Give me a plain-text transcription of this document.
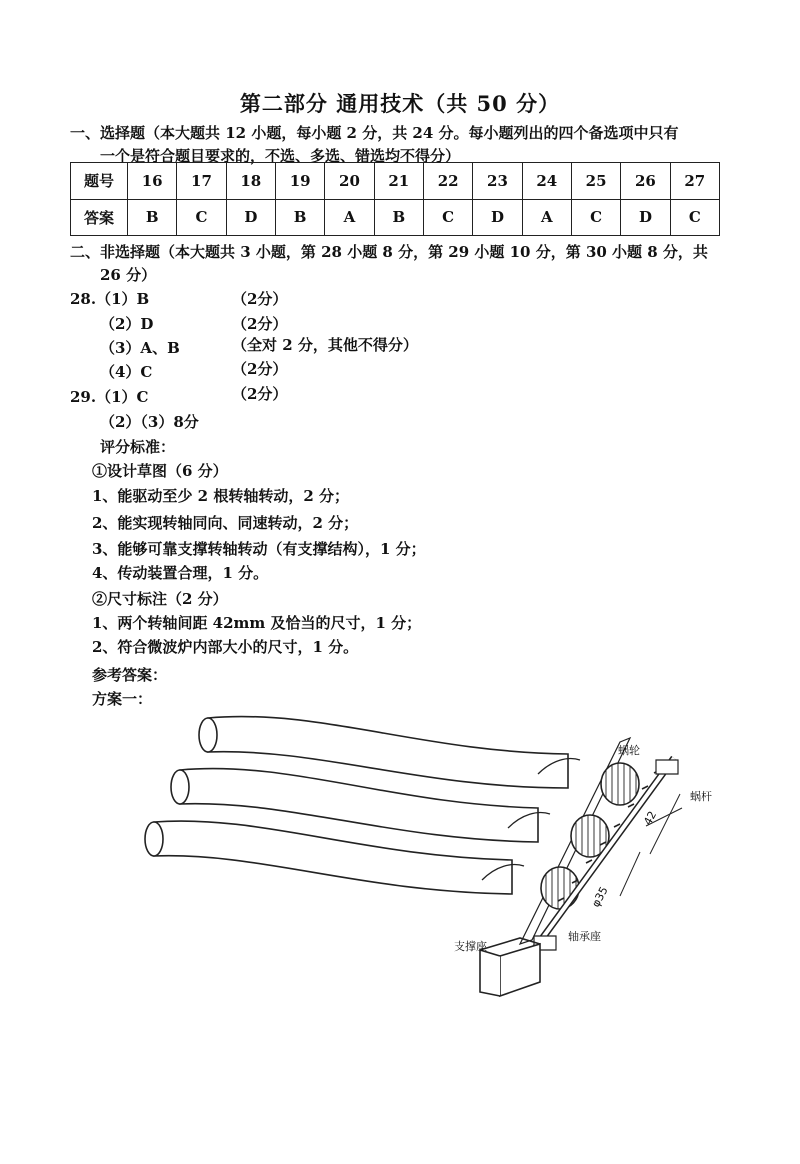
第二部分 通用技术（共 50 分）
一、选择题（本大题共 12 小题，每小题 2 分，共 24 分。每小题列出的四个备选项中只有
一个是符合题目要求的，不选、多选、错选均不得分）
题号	16	17	18	19	20	21	22	23	24	25	26	27
答案	B	C	D	B	A	B	C	D	A	C	D	C
二、非选择题（本大题共 3 小题，第 28 小题 8 分，第 29 小题 10 分，第 30 小题 8 分，共
26 分）
28.（1）B	（2分）
（2）D	（2分）
（3）A、B	（全对 2 分，其他不得分）
（4）C	（2分）
29.（1）C	（2分）
（2）（3）8分
评分标准：
①设计草图（6 分）
1、能驱动至少 2 根转轴转动，2 分；
2、能实现转轴同向、同速转动，2 分；
3、能够可靠支撑转轴转动（有支撑结构），1 分；
4、传动装置合理，1 分。
②尺寸标注（2 分）
1、两个转轴间距 42mm 及恰当的尺寸，1 分；
2、符合微波炉内部大小的尺寸，1 分。
参考答案：
方案一：
蜗轮
蜗杆
42
φ35
支撑座
轴承座
